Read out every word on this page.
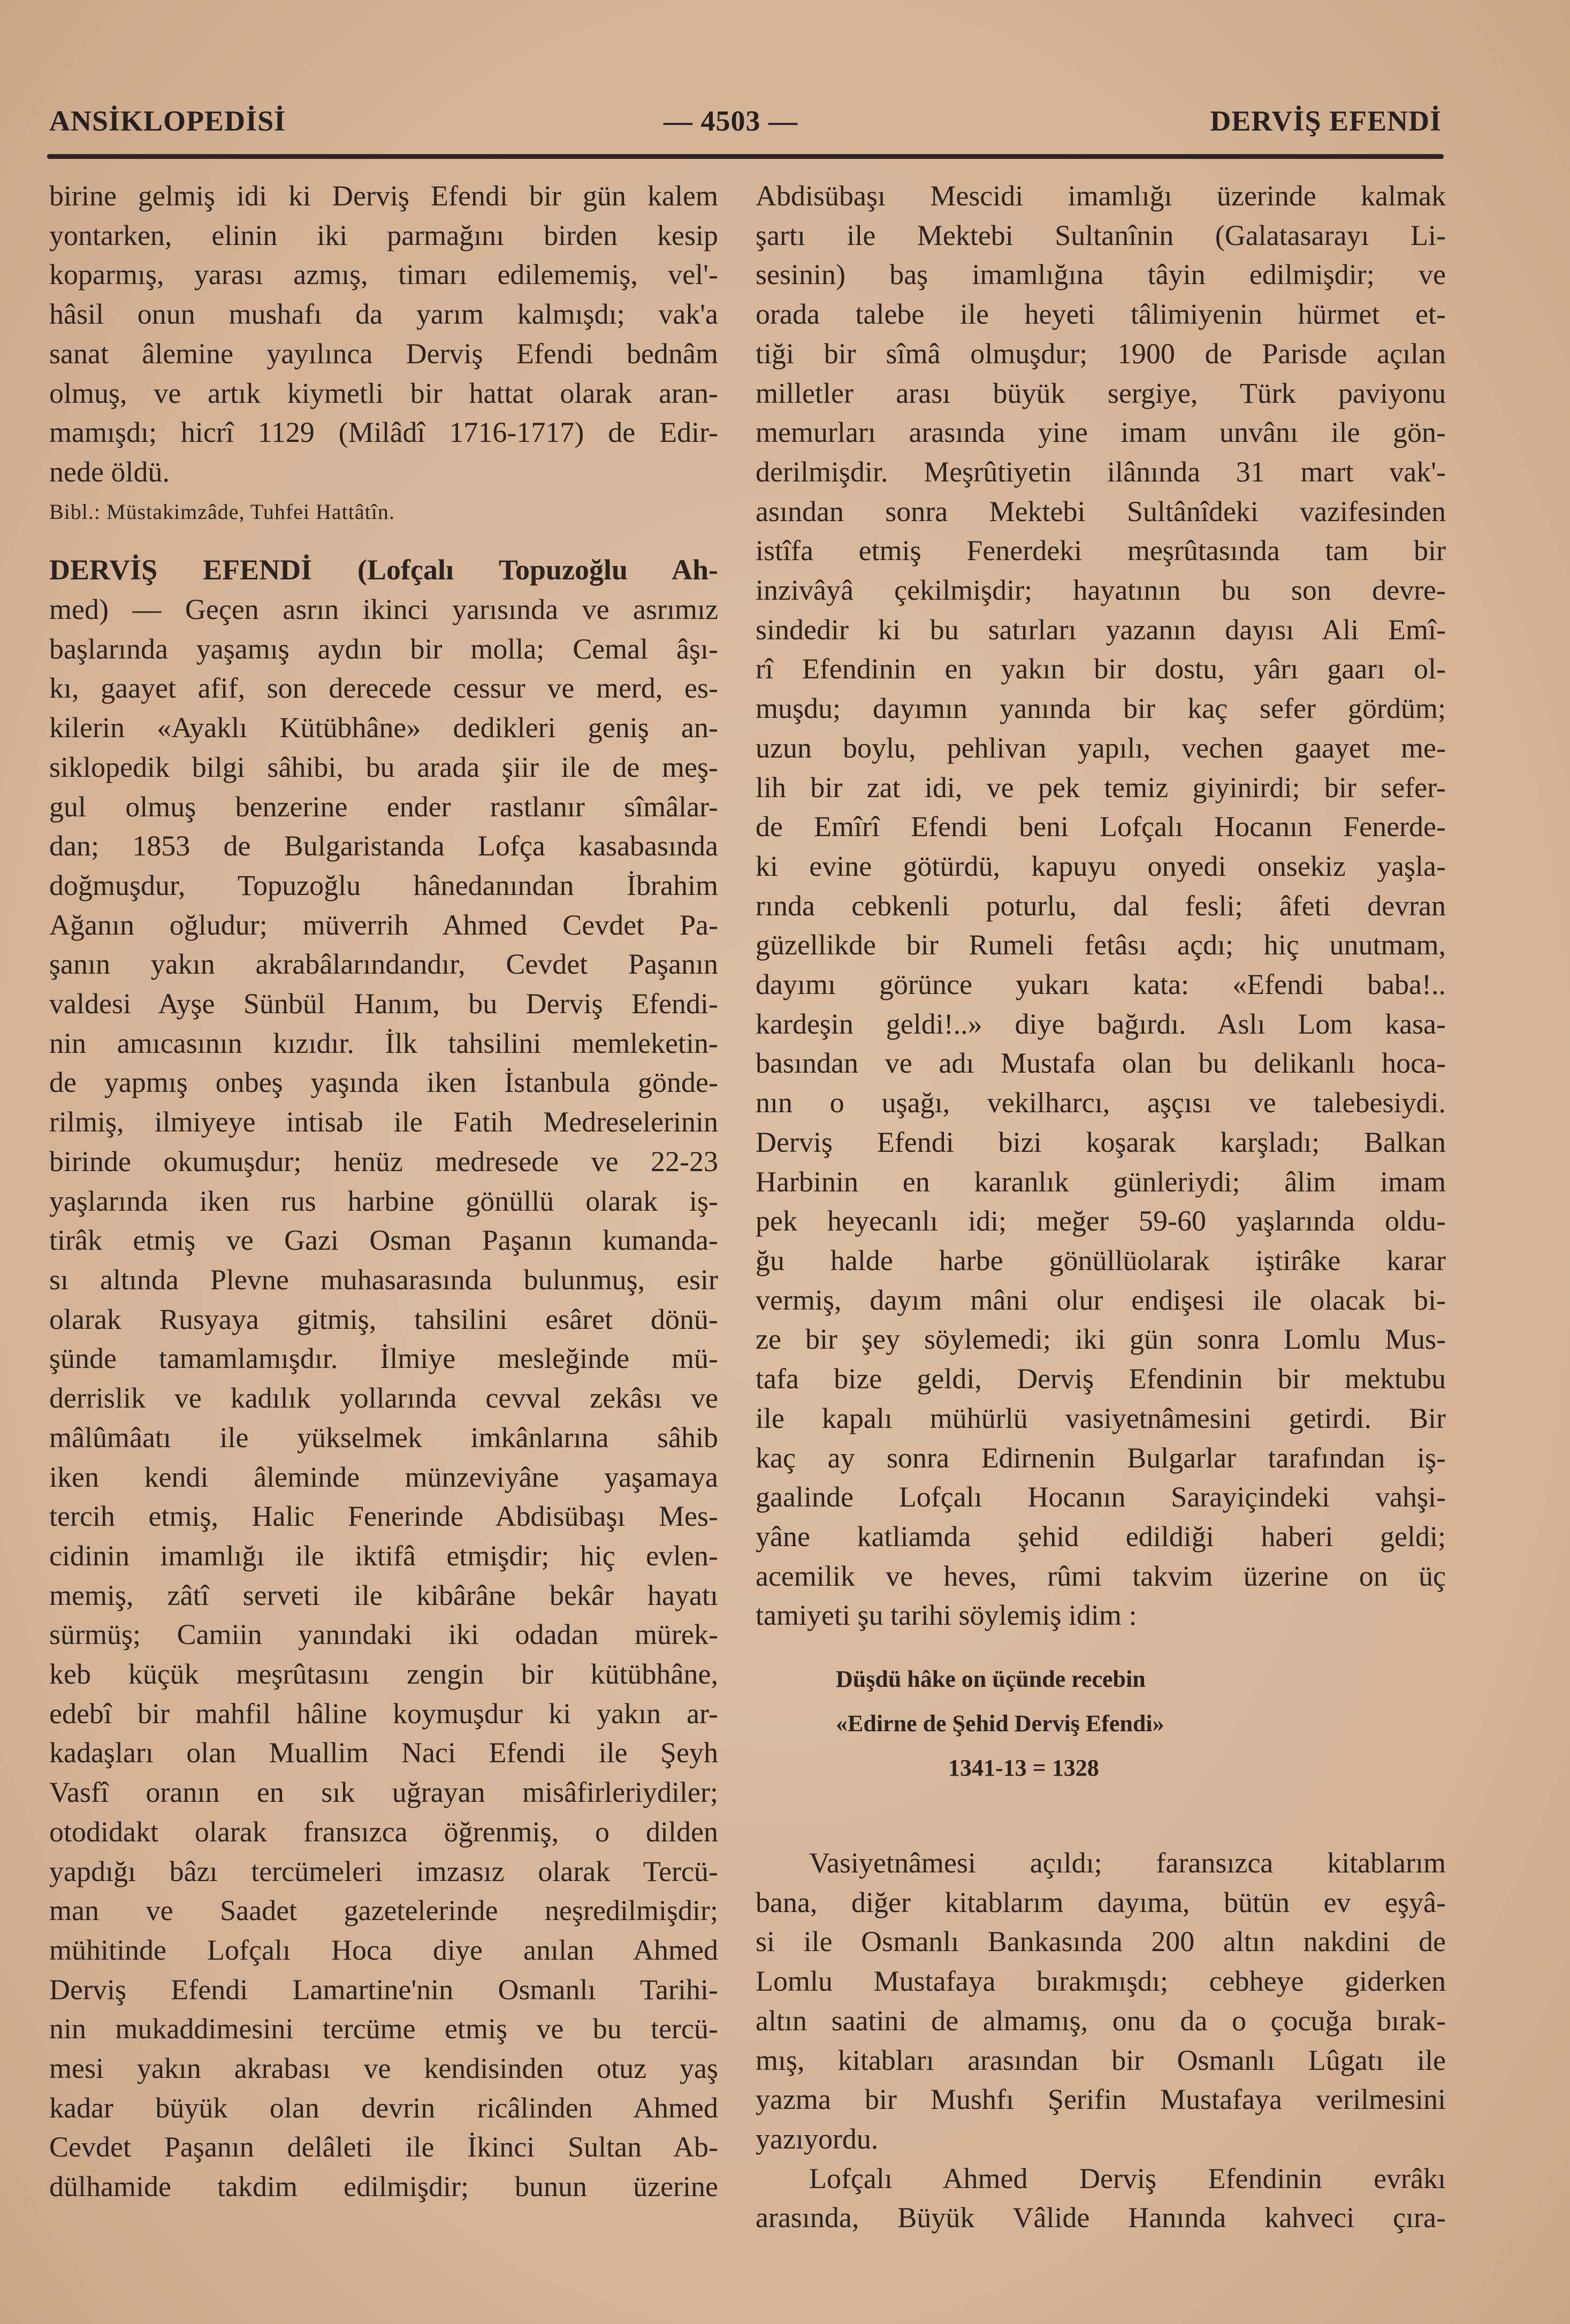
ANSİKLOPEDİSİ	— 4503 —	DERVİŞ EFENDİ
birine gelmiş idi ki Derviş Efendi bir gün kalem
yontarken, elinin iki parmağını birden kesip
koparmış, yarası azmış, timarı edilememiş, vel'-
hâsil onun mushafı da yarım kalmışdı; vak'a
sanat âlemine yayılınca Derviş Efendi bednâm
olmuş, ve artık kiymetli bir hattat olarak aran-
mamışdı; hicrî 1129 (Milâdî 1716-1717) de Edir-
nede öldü.
Bibl.: Müstakimzâde, Tuhfei Hattâtîn.
DERVİŞ EFENDİ (Lofçalı Topuzoğlu Ah-
med) — Geçen asrın ikinci yarısında ve asrımız
başlarında yaşamış aydın bir molla; Cemal âşı-
kı, gaayet afif, son derecede cessur ve merd, es-
kilerin «Ayaklı Kütübhâne» dedikleri geniş an-
siklopedik bilgi sâhibi, bu arada şiir ile de meş-
gul olmuş benzerine ender rastlanır sîmâlar-
dan; 1853 de Bulgaristanda Lofça kasabasında
doğmuşdur, Topuzoğlu hânedanından İbrahim
Ağanın oğludur; müverrih Ahmed Cevdet Pa-
şanın yakın akrabâlarındandır, Cevdet Paşanın
valdesi Ayşe Sünbül Hanım, bu Derviş Efendi-
nin amıcasının kızıdır. İlk tahsilini memleketin-
de yapmış onbeş yaşında iken İstanbula gönde-
rilmiş, ilmiyeye intisab ile Fatih Medreselerinin
birinde okumuşdur; henüz medresede ve 22-23
yaşlarında iken rus harbine gönüllü olarak iş-
tirâk etmiş ve Gazi Osman Paşanın kumanda-
sı altında Plevne muhasarasında bulunmuş, esir
olarak Rusyaya gitmiş, tahsilini esâret dönü-
şünde tamamlamışdır. İlmiye mesleğinde mü-
derrislik ve kadılık yollarında cevval zekâsı ve
mâlûmâatı ile yükselmek imkânlarına sâhib
iken kendi âleminde münzeviyâne yaşamaya
tercih etmiş, Halic Fenerinde Abdisübaşı Mes-
cidinin imamlığı ile iktifâ etmişdir; hiç evlen-
memiş, zâtî serveti ile kibârâne bekâr hayatı
sürmüş; Camiin yanındaki iki odadan mürek-
keb küçük meşrûtasını zengin bir kütübhâne,
edebî bir mahfil hâline koymuşdur ki yakın ar-
kadaşları olan Muallim Naci Efendi ile Şeyh
Vasfî oranın en sık uğrayan misâfirleriydiler;
otodidakt olarak fransızca öğrenmiş, o dilden
yapdığı bâzı tercümeleri imzasız olarak Tercü-
man ve Saadet gazetelerinde neşredilmişdir;
mühitinde Lofçalı Hoca diye anılan Ahmed
Derviş Efendi Lamartine'nin Osmanlı Tarihi-
nin mukaddimesini tercüme etmiş ve bu tercü-
mesi yakın akrabası ve kendisinden otuz yaş
kadar büyük olan devrin ricâlinden Ahmed
Cevdet Paşanın delâleti ile İkinci Sultan Ab-
dülhamide takdim edilmişdir; bunun üzerine
Abdisübaşı Mescidi imamlığı üzerinde kalmak
şartı ile Mektebi Sultanînin (Galatasarayı Li-
sesinin) baş imamlığına tâyin edilmişdir; ve
orada talebe ile heyeti tâlimiyenin hürmet et-
tiği bir sîmâ olmuşdur; 1900 de Parisde açılan
milletler arası büyük sergiye, Türk paviyonu
memurları arasında yine imam unvânı ile gön-
derilmişdir. Meşrûtiyetin ilânında 31 mart vak'-
asından sonra Mektebi Sultânîdeki vazifesinden
istîfa etmiş Fenerdeki meşrûtasında tam bir
inzivâyâ çekilmişdir; hayatının bu son devre-
sindedir ki bu satırları yazanın dayısı Ali Emî-
rî Efendinin en yakın bir dostu, yârı gaarı ol-
muşdu; dayımın yanında bir kaç sefer gördüm;
uzun boylu, pehlivan yapılı, vechen gaayet me-
lih bir zat idi, ve pek temiz giyinirdi; bir sefer-
de Emîrî Efendi beni Lofçalı Hocanın Fenerde-
ki evine götürdü, kapuyu onyedi onsekiz yaşla-
rında cebkenli poturlu, dal fesli; âfeti devran
güzellikde bir Rumeli fetâsı açdı; hiç unutmam,
dayımı görünce yukarı kata: «Efendi baba!..
kardeşin geldi!..» diye bağırdı. Aslı Lom kasa-
basından ve adı Mustafa olan bu delikanlı hoca-
nın o uşağı, vekilharcı, aşçısı ve talebesiydi.
Derviş Efendi bizi koşarak karşladı; Balkan
Harbinin en karanlık günleriydi; âlim imam
pek heyecanlı idi; meğer 59-60 yaşlarında oldu-
ğu halde harbe gönüllüolarak iştirâke karar
vermiş, dayım mâni olur endişesi ile olacak bi-
ze bir şey söylemedi; iki gün sonra Lomlu Mus-
tafa bize geldi, Derviş Efendinin bir mektubu
ile kapalı mühürlü vasiyetnâmesini getirdi. Bir
kaç ay sonra Edirnenin Bulgarlar tarafından iş-
gaalinde Lofçalı Hocanın Sarayiçindeki vahşi-
yâne katliamda şehid edildiği haberi geldi;
acemilik ve heves, rûmi takvim üzerine on üç
tamiyeti şu tarihi söylemiş idim :
Düşdü hâke on üçünde recebin
«Edirne de Şehid Derviş Efendi»
1341-13 = 1328
Vasiyetnâmesi açıldı; faransızca kitablarım
bana, diğer kitablarım dayıma, bütün ev eşyâ-
si ile Osmanlı Bankasında 200 altın nakdini de
Lomlu Mustafaya bırakmışdı; cebheye giderken
altın saatini de almamış, onu da o çocuğa bırak-
mış, kitabları arasından bir Osmanlı Lûgatı ile
yazma bir Mushfı Şerifin Mustafaya verilmesini
yazıyordu.
Lofçalı Ahmed Derviş Efendinin evrâkı
arasında, Büyük Vâlide Hanında kahveci çıra-
